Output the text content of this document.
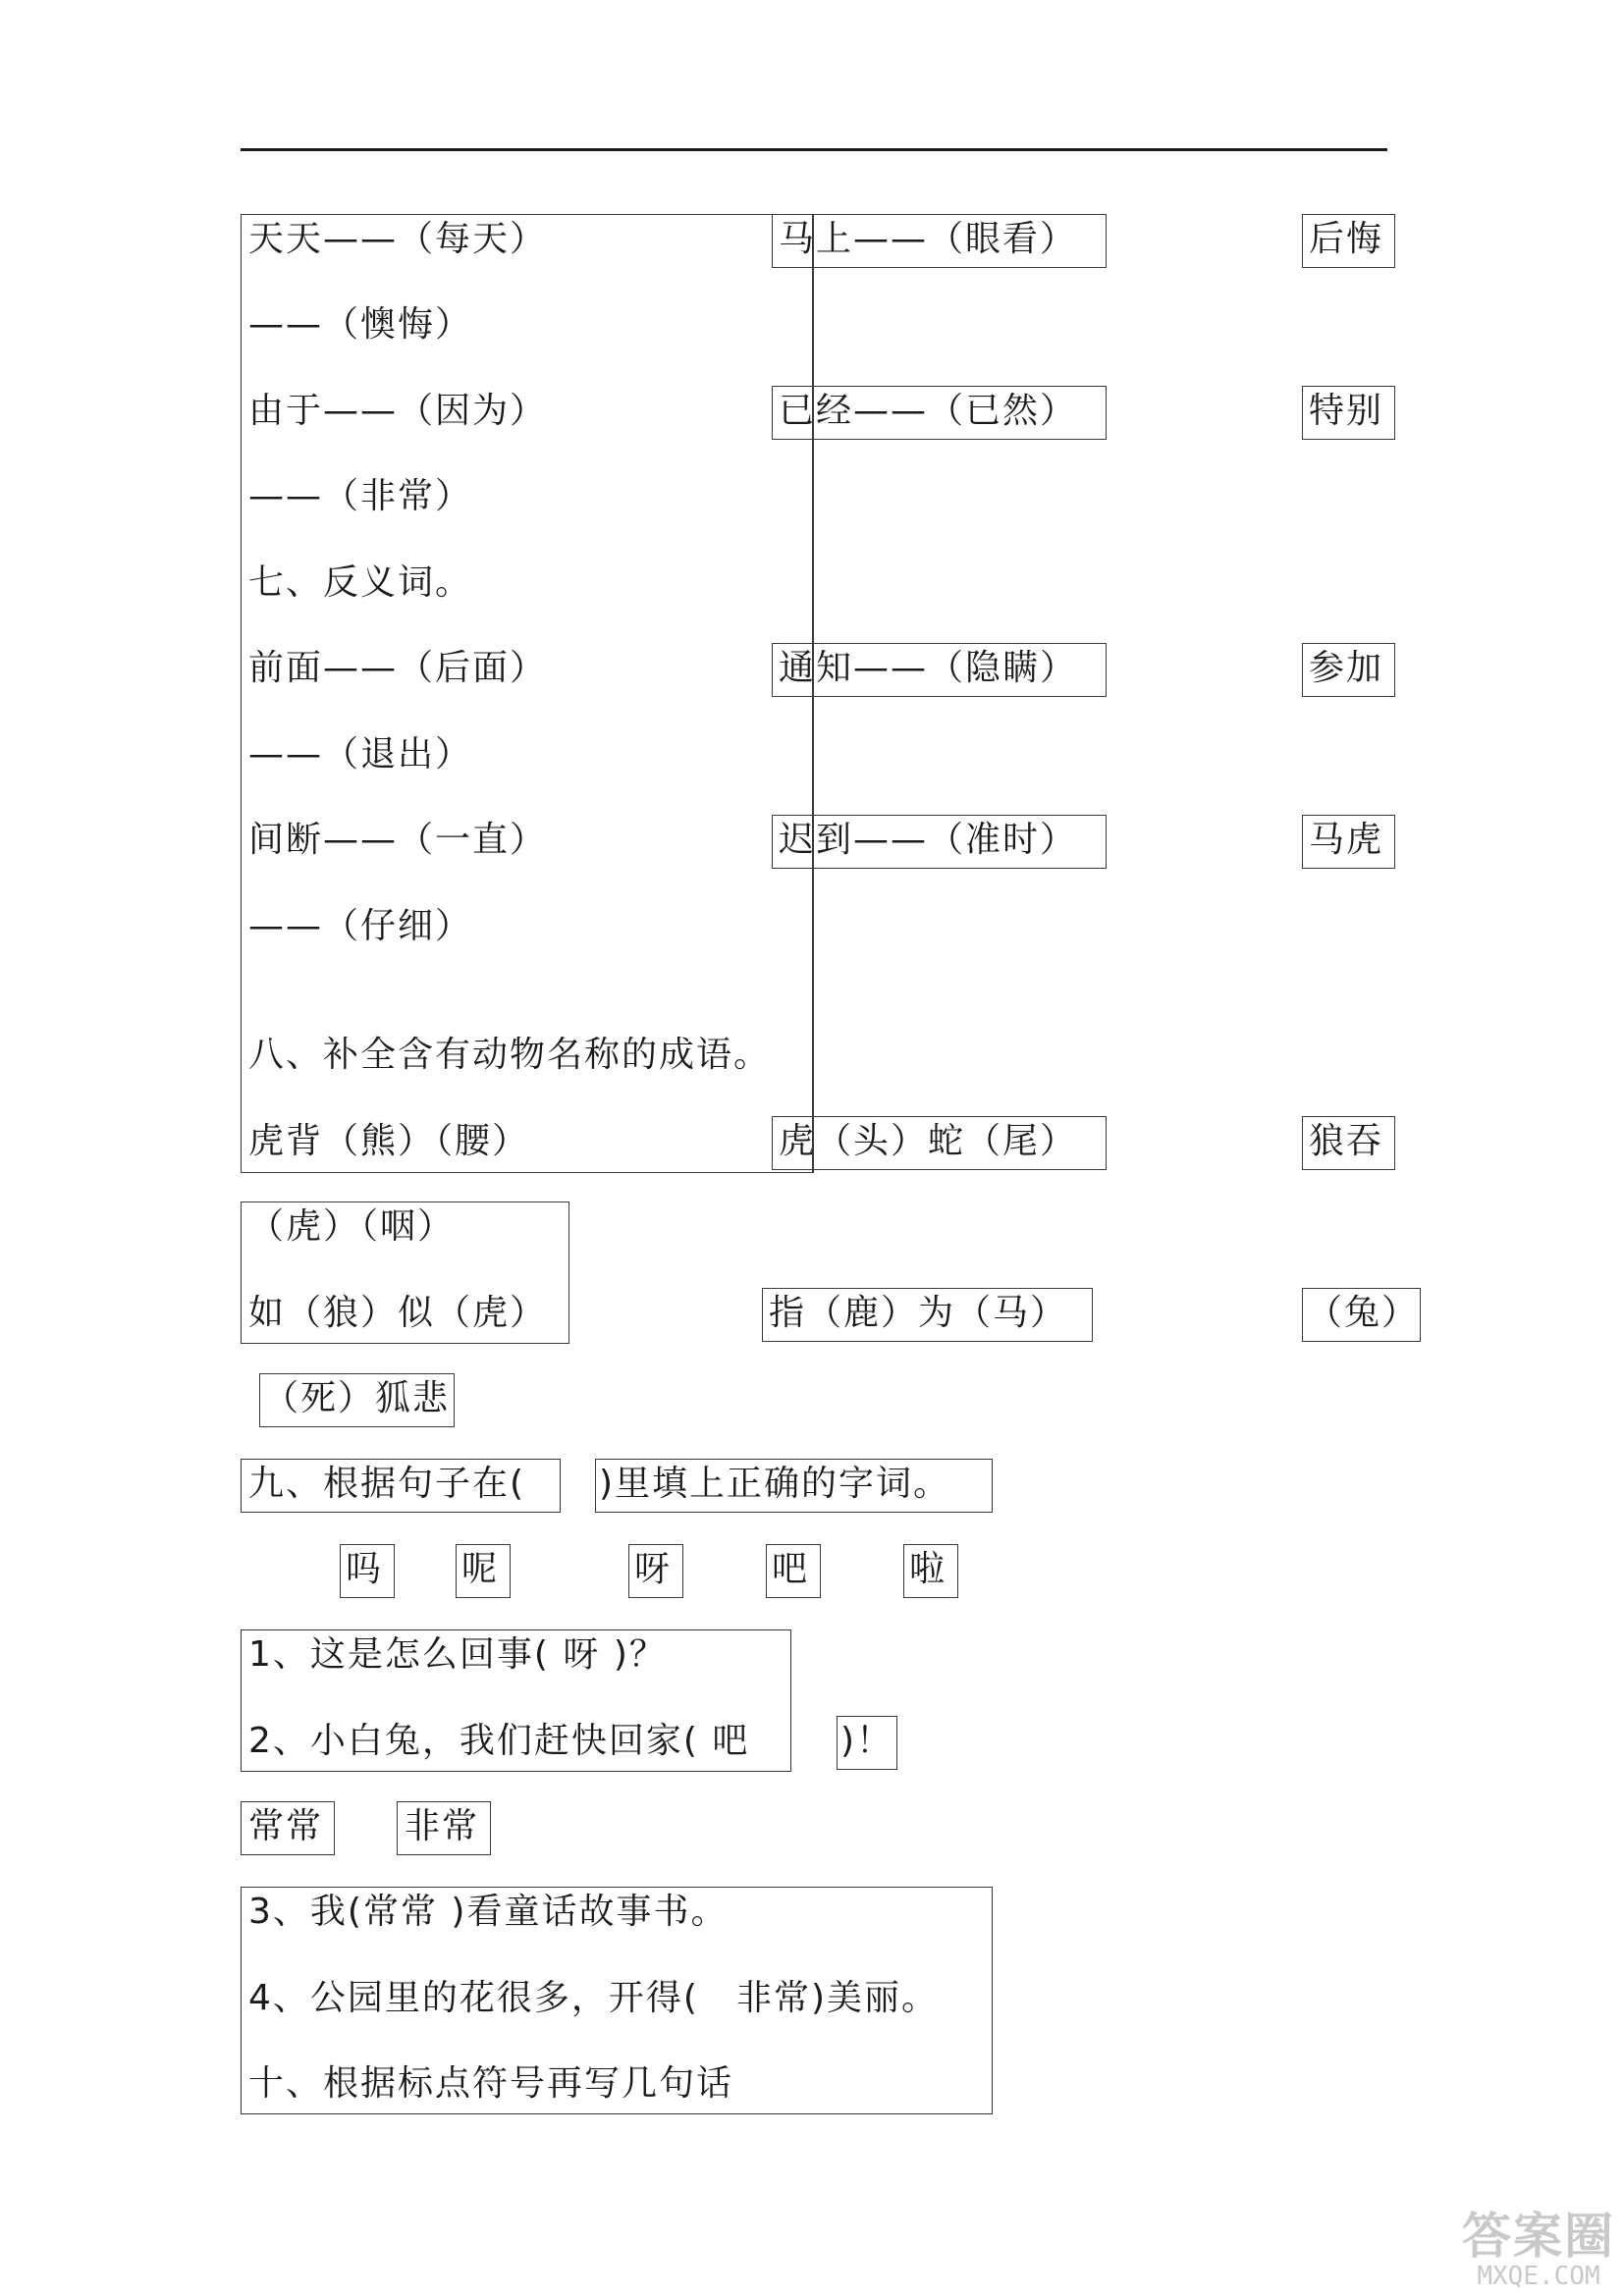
天天——（每天）	马上——（眼看）	后悔
——（懊悔）
由于——（因为）	已经——（已然）	特别
——（非常）
七、反义词。
前面——（后面）	通知——（隐瞒）	参加
——（退出）
间断——（一直）	迟到——（准时）	马虎
——（仔细）
八、补全含有动物名称的成语。
虎背（熊）（腰）	虎（头）蛇（尾）	狼吞
（虎）（咽）
如（狼）似（虎）	指（鹿）为（马）	（兔）
（死）狐悲
九、根据句子在( )里填上正确的字词。
吗 呢	呀	吧	啦
1、这是怎么回事( 呀 )？
2、小白兔，我们赶快回家( 吧	)！
常常 非常
3、我(常常 )看童话故事书。
4、公园里的花很多，开得(　非常)美丽。
十、根据标点符号再写几句话
答案圈
MXQE.COM
